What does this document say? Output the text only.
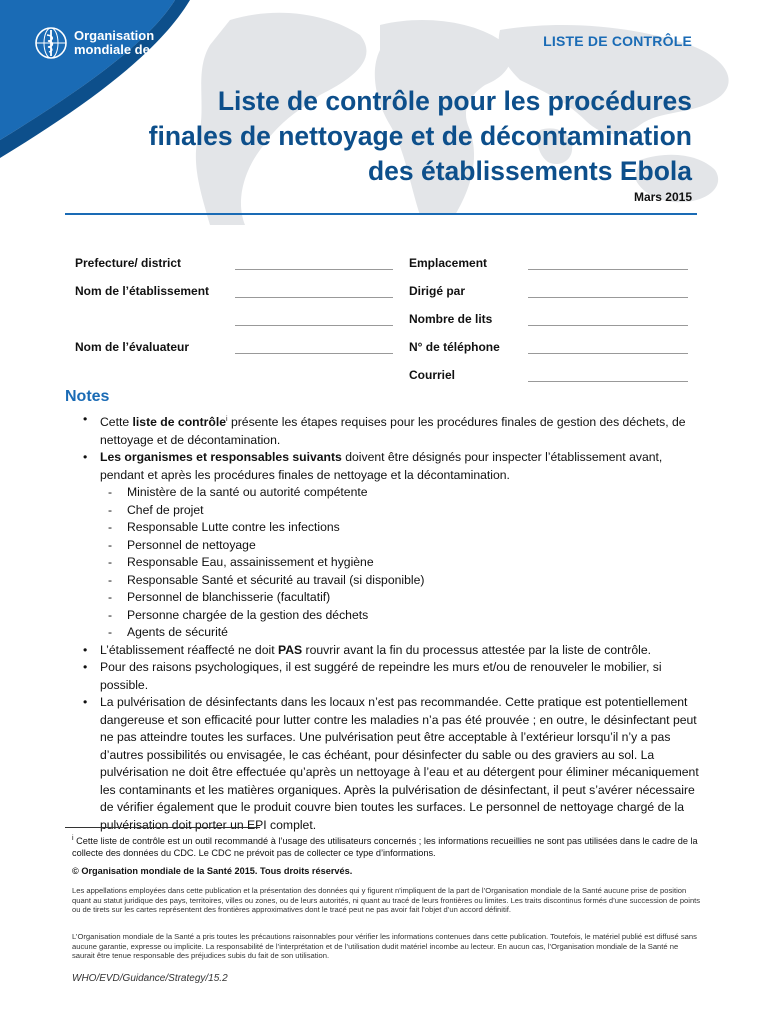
Organisation
mondiale de la Santé
LISTE DE CONTRÔLE
Liste de contrôle pour les procédures
finales de nettoyage et de décontamination
des établissements Ebola
Mars 2015
Prefecture/ district
Nom de l’établissement
Nom de l’évaluateur
Emplacement
Dirigé par
Nombre de lits
N° de téléphone
Courriel
Notes
• Cette liste de contrôle$^i$ présente les étapes requises pour les procédures finales de gestion des déchets, de nettoyage et de décontamination.
• Les organismes et responsables suivants doivent être désignés pour inspecter l’établissement avant, pendant et après les procédures finales de nettoyage et la décontamination.
- Ministère de la santé ou autorité compétente
- Chef de projet
- Responsable Lutte contre les infections
- Personnel de nettoyage
- Responsable Eau, assainissement et hygiène
- Responsable Santé et sécurité au travail (si disponible)
- Personnel de blanchisserie (facultatif)
- Personne chargée de la gestion des déchets
- Agents de sécurité
• L’établissement réaffecté ne doit PAS rouvrir avant la fin du processus attestée par la liste de contrôle.
• Pour des raisons psychologiques, il est suggéré de repeindre les murs et/ou de renouveler le mobilier, si possible.
• La pulvérisation de désinfectants dans les locaux n’est pas recommandée. Cette pratique est potentiellement dangereuse et son efficacité pour lutter contre les maladies n’a pas été prouvée ; en outre, le désinfectant peut ne pas atteindre toutes les surfaces. Une pulvérisation peut être acceptable à l’extérieur lorsqu’il n’y a pas d’autres possibilités ou envisagée, le cas échéant, pour désinfecter du sable ou des graviers au sol. La pulvérisation ne doit être effectuée qu’après un nettoyage à l’eau et au détergent pour éliminer mécaniquement les contaminants et les matières organiques. Après la pulvérisation de désinfectant, il peut s’avérer nécessaire de vérifier également que le produit couvre bien toutes les surfaces. Le personnel de nettoyage chargé de la pulvérisation doit porter un EPI complet.
$^i$ Cette liste de contrôle est un outil recommandé à l’usage des utilisateurs concernés ; les informations recueillies ne sont pas utilisées dans le cadre de la collecte des données du CDC. Le CDC ne prévoit pas de collecter ce type d’informations.
© Organisation mondiale de la Santé 2015. Tous droits réservés.
Les appellations employées dans cette publication et la présentation des données qui y figurent n’impliquent de la part de l’Organisation mondiale de la Santé aucune prise de position quant au statut juridique des pays, territoires, villes ou zones, ou de leurs autorités, ni quant au tracé de leurs frontières ou limites. Les traits discontinus formés d’une succession de points ou de tirets sur les cartes représentent des frontières approximatives dont le tracé peut ne pas avoir fait l’objet d’un accord définitif.
L’Organisation mondiale de la Santé a pris toutes les précautions raisonnables pour vérifier les informations contenues dans cette publication. Toutefois, le matériel publié est diffusé sans aucune garantie, expresse ou implicite. La responsabilité de l’interprétation et de l’utilisation dudit matériel incombe au lecteur. En aucun cas, l’Organisation mondiale de la Santé ne saurait être tenue responsable des préjudices subis du fait de son utilisation.
WHO/EVD/Guidance/Strategy/15.2
